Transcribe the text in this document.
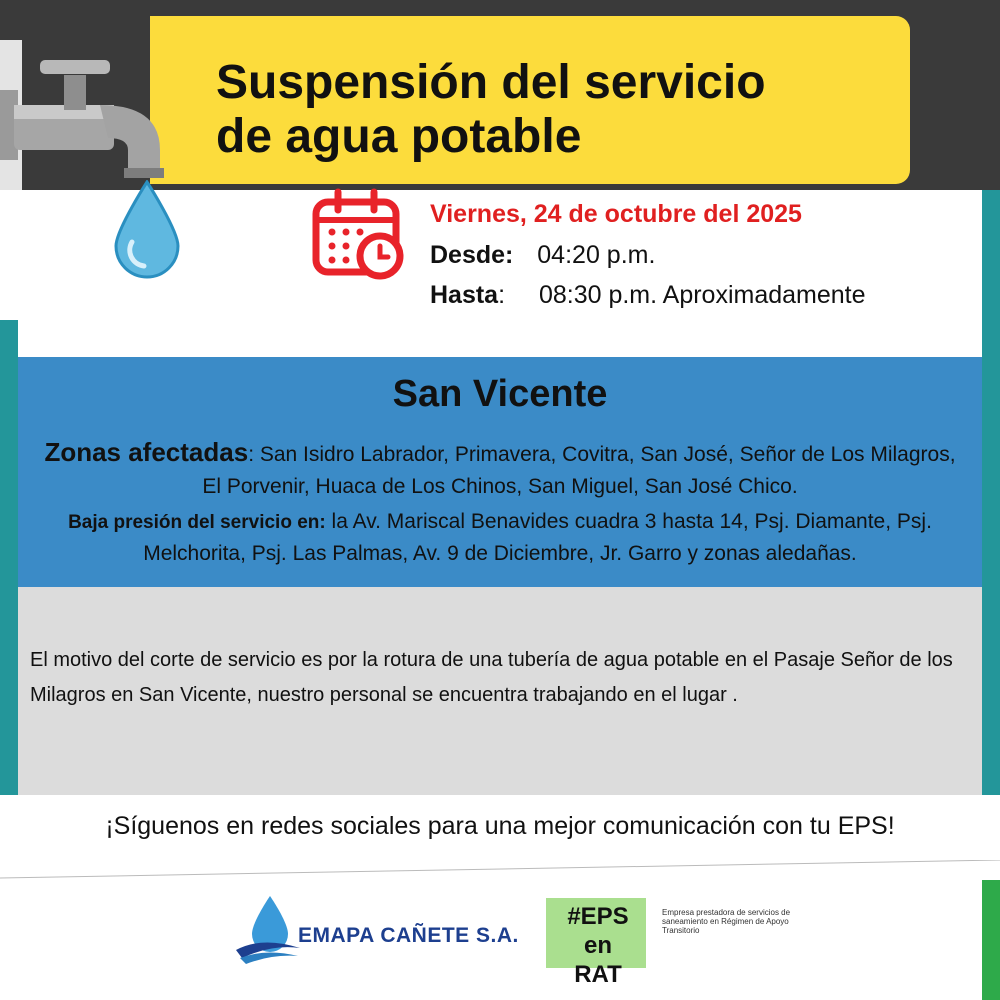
Suspensión del servicio
de agua potable
Viernes, 24 de octubre del 2025
Desde: 04:20 p.m.
Hasta: 08:30 p.m. Aproximadamente
San Vicente
Zonas afectadas: San Isidro Labrador, Primavera, Covitra, San José, Señor de Los Milagros, El Porvenir, Huaca de Los Chinos, San Miguel, San José Chico.
Baja presión del servicio en: la Av. Mariscal Benavides cuadra 3 hasta 14, Psj. Diamante, Psj. Melchorita, Psj. Las Palmas, Av. 9 de Diciembre, Jr. Garro y zonas aledañas.
El motivo del corte de servicio es por la rotura de una tubería de agua potable en el Pasaje Señor de los Milagros en San Vicente, nuestro personal se encuentra trabajando en el lugar .
¡Síguenos en redes sociales para una mejor comunicación con tu EPS!
EMAPA CAÑETE S.A.
#EPS en
RAT
Empresa prestadora de servicios de saneamiento en Régimen de Apoyo Transitorio
